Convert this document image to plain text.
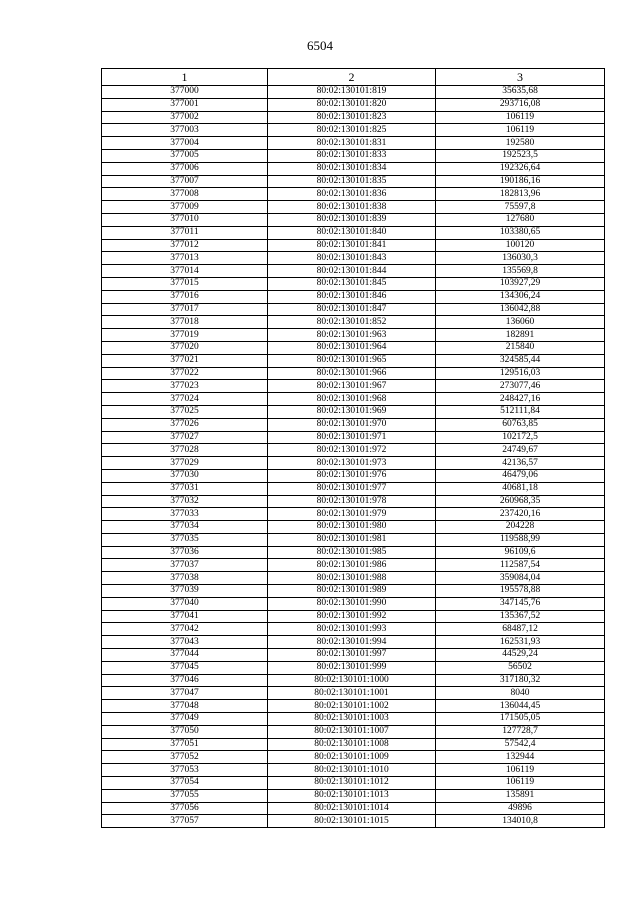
6504
1	2	3
377000	80:02:130101:819	35635,68
377001	80:02:130101:820	293716,08
377002	80:02:130101:823	106119
377003	80:02:130101:825	106119
377004	80:02:130101:831	192580
377005	80:02:130101:833	192523,5
377006	80:02:130101:834	192326,64
377007	80:02:130101:835	190186,16
377008	80:02:130101:836	182813,96
377009	80:02:130101:838	75597,8
377010	80:02:130101:839	127680
377011	80:02:130101:840	103380,65
377012	80:02:130101:841	100120
377013	80:02:130101:843	136030,3
377014	80:02:130101:844	135569,8
377015	80:02:130101:845	103927,29
377016	80:02:130101:846	134306,24
377017	80:02:130101:847	136042,88
377018	80:02:130101:852	136060
377019	80:02:130101:963	182891
377020	80:02:130101:964	215840
377021	80:02:130101:965	324585,44
377022	80:02:130101:966	129516,03
377023	80:02:130101:967	273077,46
377024	80:02:130101:968	248427,16
377025	80:02:130101:969	512111,84
377026	80:02:130101:970	60763,85
377027	80:02:130101:971	102172,5
377028	80:02:130101:972	24749,67
377029	80:02:130101:973	42136,57
377030	80:02:130101:976	46479,06
377031	80:02:130101:977	40681,18
377032	80:02:130101:978	260968,35
377033	80:02:130101:979	237420,16
377034	80:02:130101:980	204228
377035	80:02:130101:981	119588,99
377036	80:02:130101:985	96109,6
377037	80:02:130101:986	112587,54
377038	80:02:130101:988	359084,04
377039	80:02:130101:989	195578,88
377040	80:02:130101:990	347145,76
377041	80:02:130101:992	135367,52
377042	80:02:130101:993	68487,12
377043	80:02:130101:994	162531,93
377044	80:02:130101:997	44529,24
377045	80:02:130101:999	56502
377046	80:02:130101:1000	317180,32
377047	80:02:130101:1001	8040
377048	80:02:130101:1002	136044,45
377049	80:02:130101:1003	171505,05
377050	80:02:130101:1007	127728,7
377051	80:02:130101:1008	57542,4
377052	80:02:130101:1009	132944
377053	80:02:130101:1010	106119
377054	80:02:130101:1012	106119
377055	80:02:130101:1013	135891
377056	80:02:130101:1014	49896
377057	80:02:130101:1015	134010,8
